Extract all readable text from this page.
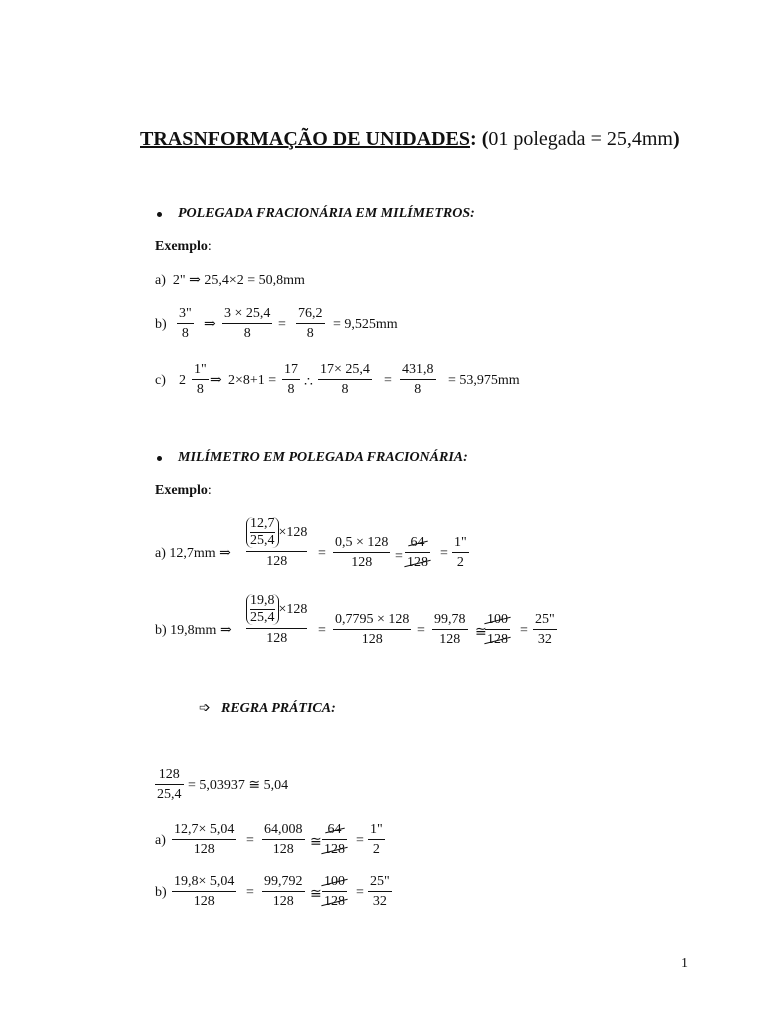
TRASNFORMAÇÃO DE UNIDADES: (01 polegada = 25,4mm)
POLEGADA FRACIONÁRIA EM MILÍMETROS:
Exemplo:
a) 2" ⇒ 25,4×2 = 50,8mm
b)
3"
8
⇒
3 × 25,4
8
=
76,2
8
= 9,525mm
c) 2
1"
8
⇒ 2×8+1 =
17
8 ∴
17× 25,4
8
=
431,8
8
= 53,975mm
MILÍMETRO EM POLEGADA FRACIONÁRIA:
Exemplo:
a) 12,7mm ⇒
$\frac{12,7}{25,4} \times 128$
128
=
0,5 × 128
128 =
64
128
=
1"
2
b) 19,8mm ⇒
$\frac{19,8}{25,4} \times 128$
128
=
0,7795 × 128
128
=
99,78
128 ≅
100
128
=
25"
32
➩ REGRA PRÁTICA:
128
25,4
= 5,03937 ≅ 5,04
a)
12,7× 5,04
128
=
64,008
128 ≅
64
128
=
1"
2
b)
19,8× 5,04
128
=
99,792
128 ≅
100
128
=
25"
32
1
